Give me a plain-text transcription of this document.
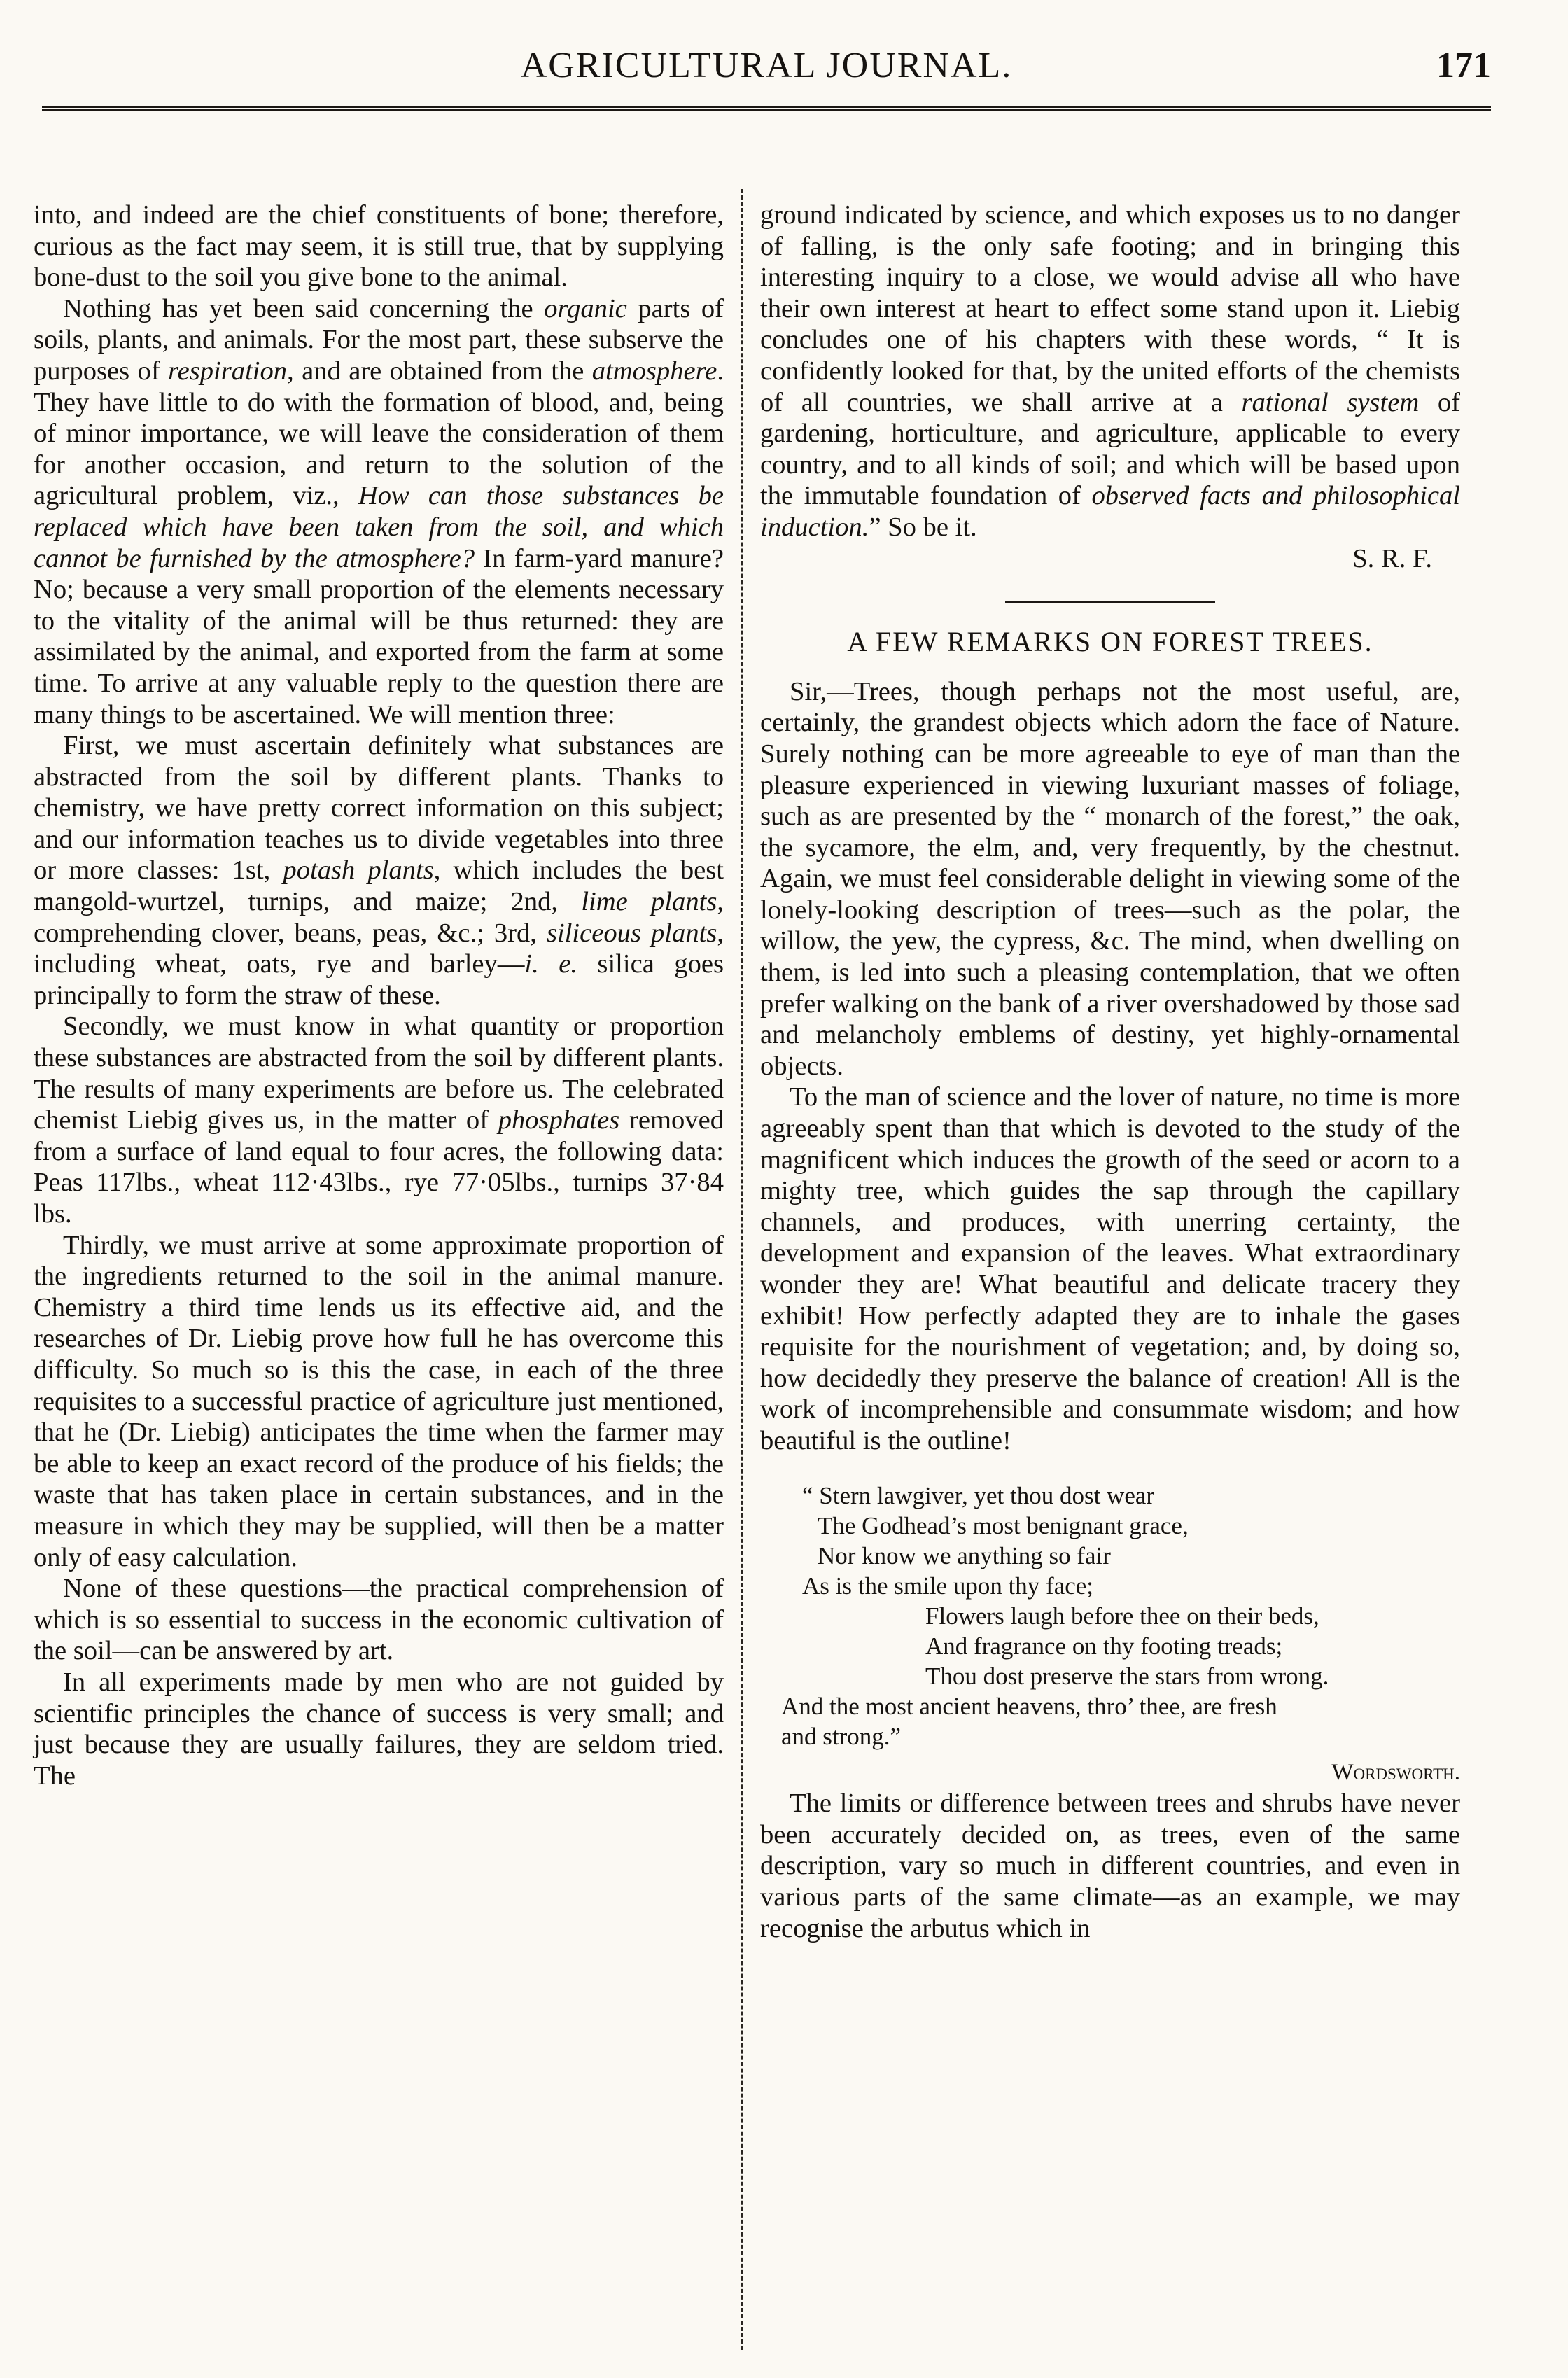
AGRICULTURAL JOURNAL.	171

into, and indeed are the chief constituents of bone; therefore, curious as the fact may seem, it is still true, that by supplying bone-dust to the soil you give bone to the animal.

Nothing has yet been said concerning the organic parts of soils, plants, and animals. For the most part, these subserve the purposes of respiration, and are obtained from the atmosphere. They have little to do with the formation of blood, and, being of minor importance, we will leave the consideration of them for another occasion, and return to the solution of the agricultural problem, viz., How can those substances be replaced which have been taken from the soil, and which cannot be furnished by the atmosphere? In farm-yard manure? No; because a very small proportion of the elements necessary to the vitality of the animal will be thus returned: they are assimilated by the animal, and exported from the farm at some time. To arrive at any valuable reply to the question there are many things to be ascertained. We will mention three:

First, we must ascertain definitely what substances are abstracted from the soil by different plants. Thanks to chemistry, we have pretty correct information on this subject; and our information teaches us to divide vegetables into three or more classes: 1st, potash plants, which includes the best mangold-wurtzel, turnips, and maize; 2nd, lime plants, comprehending clover, beans, peas, &c.; 3rd, siliceous plants, including wheat, oats, rye and barley—i. e. silica goes principally to form the straw of these.

Secondly, we must know in what quantity or proportion these substances are abstracted from the soil by different plants. The results of many experiments are before us. The celebrated chemist Liebig gives us, in the matter of phosphates removed from a surface of land equal to four acres, the following data: Peas 117lbs., wheat 112·43lbs., rye 77·05lbs., turnips 37·84 lbs.

Thirdly, we must arrive at some approximate proportion of the ingredients returned to the soil in the animal manure. Chemistry a third time lends us its effective aid, and the researches of Dr. Liebig prove how full he has overcome this difficulty. So much so is this the case, in each of the three requisites to a successful practice of agriculture just mentioned, that he (Dr. Liebig) anticipates the time when the farmer may be able to keep an exact record of the produce of his fields; the waste that has taken place in certain substances, and in the measure in which they may be supplied, will then be a matter only of easy calculation.

None of these questions—the practical comprehension of which is so essential to success in the economic cultivation of the soil—can be answered by art.

In all experiments made by men who are not guided by scientific principles the chance of success is very small; and just because they are usually failures, they are seldom tried. The

ground indicated by science, and which exposes us to no danger of falling, is the only safe footing; and in bringing this interesting inquiry to a close, we would advise all who have their own interest at heart to effect some stand upon it. Liebig concludes one of his chapters with these words, “ It is confidently looked for that, by the united efforts of the chemists of all countries, we shall arrive at a rational system of gardening, horticulture, and agriculture, applicable to every country, and to all kinds of soil; and which will be based upon the immutable foundation of observed facts and philosophical induction.” So be it.

S. R. F.

A FEW REMARKS ON FOREST TREES.

Sir,—Trees, though perhaps not the most useful, are, certainly, the grandest objects which adorn the face of Nature. Surely nothing can be more agreeable to eye of man than the pleasure experienced in viewing luxuriant masses of foliage, such as are presented by the “ monarch of the forest,” the oak, the sycamore, the elm, and, very frequently, by the chestnut. Again, we must feel considerable delight in viewing some of the lonely-looking description of trees—such as the polar, the willow, the yew, the cypress, &c. The mind, when dwelling on them, is led into such a pleasing contemplation, that we often prefer walking on the bank of a river overshadowed by those sad and melancholy emblems of destiny, yet highly-ornamental objects.

To the man of science and the lover of nature, no time is more agreeably spent than that which is devoted to the study of the magnificent which induces the growth of the seed or acorn to a mighty tree, which guides the sap through the capillary channels, and produces, with unerring certainty, the development and expansion of the leaves. What extraordinary wonder they are! What beautiful and delicate tracery they exhibit! How perfectly adapted they are to inhale the gases requisite for the nourishment of vegetation; and, by doing so, how decidedly they preserve the balance of creation! All is the work of incomprehensible and consummate wisdom; and how beautiful is the outline!

“ Stern lawgiver, yet thou dost wear
The Godhead’s most benignant grace,
Nor know we anything so fair
As is the smile upon thy face;
Flowers laugh before thee on their beds,
And fragrance on thy footing treads;
Thou dost preserve the stars from wrong.
And the most ancient heavens, thro’ thee, are fresh
and strong.”

Wordsworth.

The limits or difference between trees and shrubs have never been accurately decided on, as trees, even of the same description, vary so much in different countries, and even in various parts of the same climate—as an example, we may recognise the arbutus which in
